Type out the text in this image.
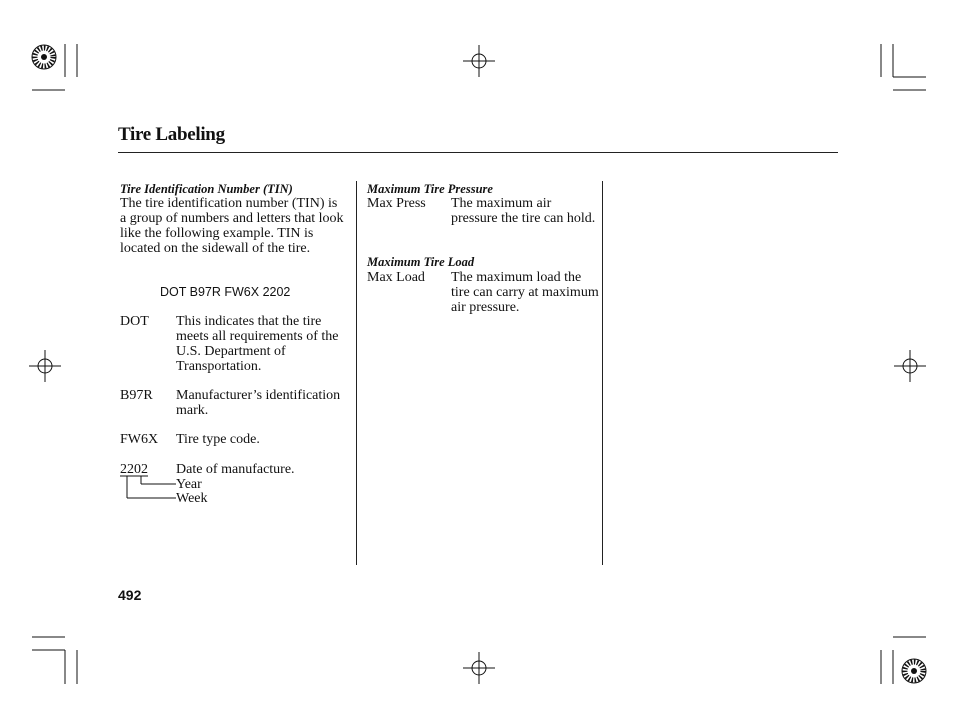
Tire Labeling
Tire Identification Number (TIN)
The tire identification number (TIN) is a group of numbers and letters that look like the following example. TIN is located on the sidewall of the tire.
DOT B97R FW6X 2202
DOT	This indicates that the tire meets all requirements of the U.S. Department of Transportation.
B97R	Manufacturer’s identification mark.
FW6X	Tire type code.
2202	Date of manufacture.
Year
Week
Maximum Tire Pressure
Max Press	The maximum air pressure the tire can hold.
Maximum Tire Load
Max Load	The maximum load the tire can carry at maximum air pressure.
492
